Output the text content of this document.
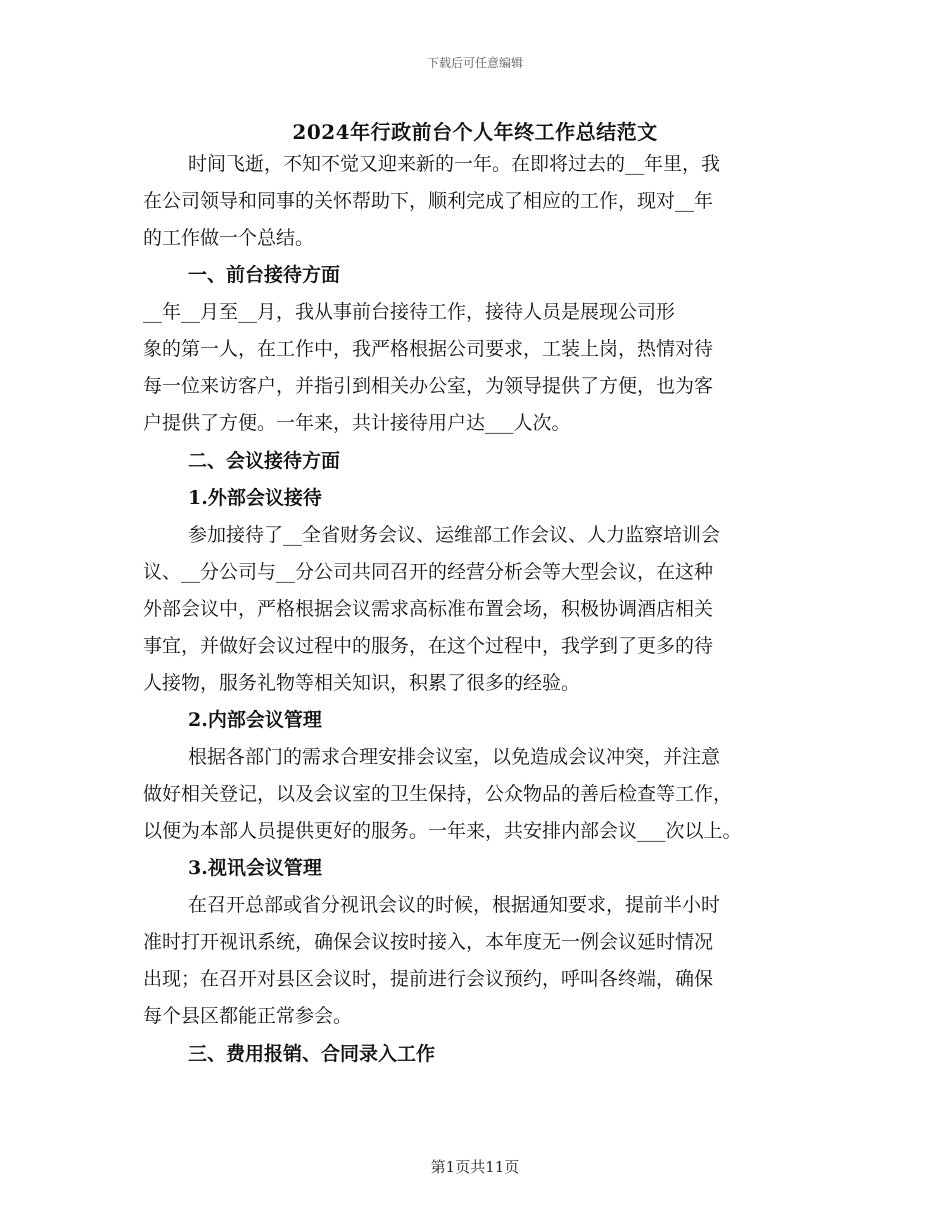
下载后可任意编辑
2024年行政前台个人年终工作总结范文
时间飞逝，不知不觉又迎来新的一年。在即将过去的__年里，我
在公司领导和同事的关怀帮助下，顺利完成了相应的工作，现对__年
的工作做一个总结。
一、前台接待方面
__年__月至__月，我从事前台接待工作，接待人员是展现公司形
象的第一人，在工作中，我严格根据公司要求，工装上岗，热情对待
每一位来访客户，并指引到相关办公室，为领导提供了方便，也为客
户提供了方便。一年来，共计接待用户达___人次。
二、会议接待方面
1.外部会议接待
参加接待了__全省财务会议、运维部工作会议、人力监察培训会
议、__分公司与__分公司共同召开的经营分析会等大型会议，在这种
外部会议中，严格根据会议需求高标准布置会场，积极协调酒店相关
事宜，并做好会议过程中的服务，在这个过程中，我学到了更多的待
人接物，服务礼物等相关知识，积累了很多的经验。
2.内部会议管理
根据各部门的需求合理安排会议室，以免造成会议冲突，并注意
做好相关登记，以及会议室的卫生保持，公众物品的善后检查等工作，
以便为本部人员提供更好的服务。一年来，共安排内部会议___次以上。
3.视讯会议管理
在召开总部或省分视讯会议的时候，根据通知要求，提前半小时
准时打开视讯系统，确保会议按时接入，本年度无一例会议延时情况
出现；在召开对县区会议时，提前进行会议预约，呼叫各终端，确保
每个县区都能正常参会。
三、费用报销、合同录入工作
第1页共11页
